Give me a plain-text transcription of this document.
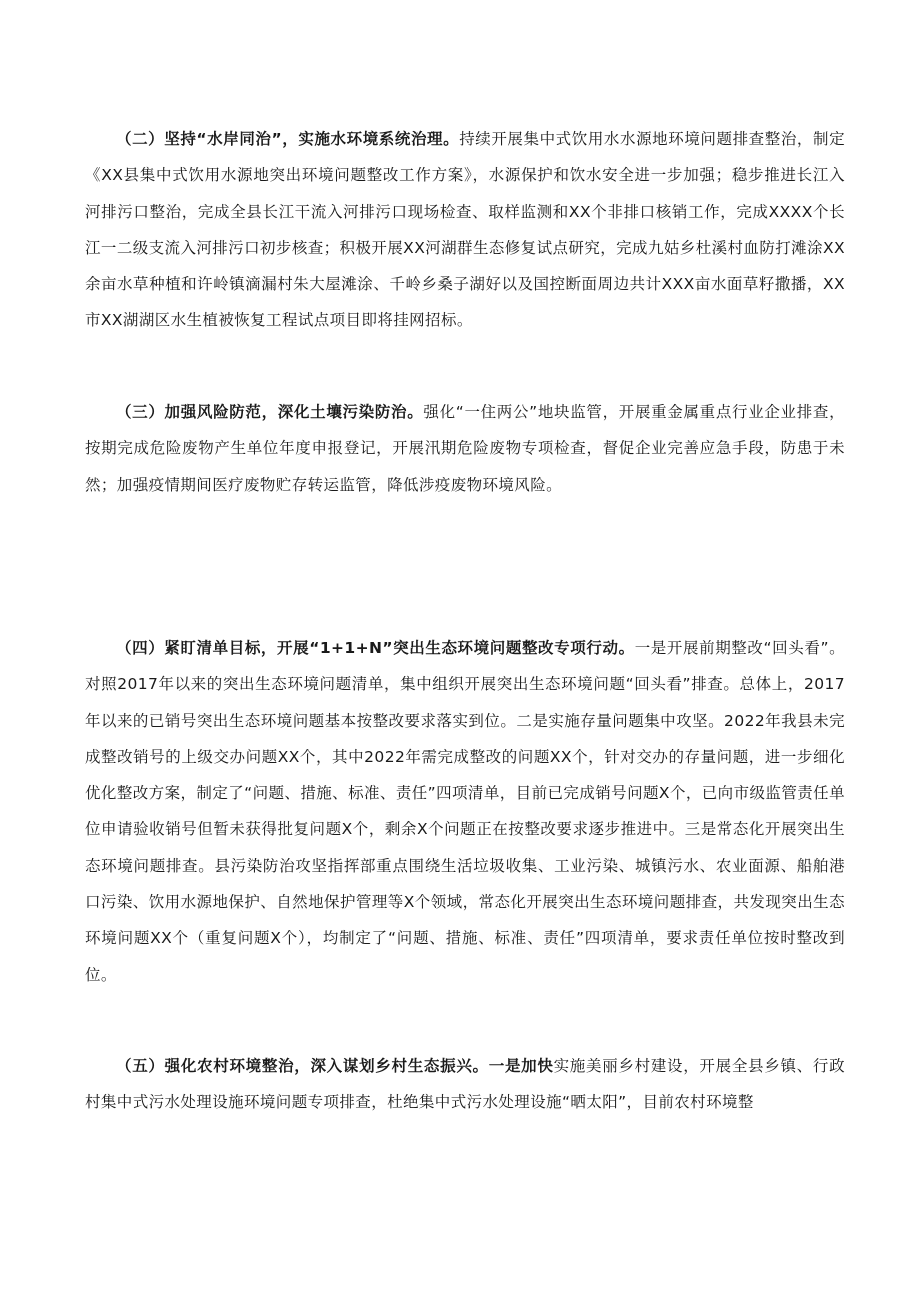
（二）坚持“水岸同治”，实施水环境系统治理。持续开展集中式饮用水水源地环境问题排查整治，制定《XX县集中式饮用水源地突出环境问题整改工作方案》，水源保护和饮水安全进一步加强；稳步推进长江入河排污口整治，完成全县长江干流入河排污口现场检查、取样监测和XX个非排口核销工作，完成XXXX个长江一二级支流入河排污口初步核查；积极开展XX河湖群生态修复试点研究，完成九姑乡杜溪村血防打滩涂XX余亩水草种植和许岭镇滴漏村朱大屋滩涂、千岭乡桑子湖好以及国控断面周边共计XXX亩水面草籽撒播，XX市XX湖湖区水生植被恢复工程试点项目即将挂网招标。

（三）加强风险防范，深化土壤污染防治。强化“一住两公”地块监管，开展重金属重点行业企业排查，按期完成危险废物产生单位年度申报登记，开展汛期危险废物专项检查，督促企业完善应急手段，防患于未然；加强疫情期间医疗废物贮存转运监管，降低涉疫废物环境风险。

（四）紧盯清单目标，开展“1+1+N”突出生态环境问题整改专项行动。一是开展前期整改“回头看”。对照2017年以来的突出生态环境问题清单，集中组织开展突出生态环境问题“回头看”排查。总体上，2017年以来的已销号突出生态环境问题基本按整改要求落实到位。二是实施存量问题集中攻坚。2022年我县未完成整改销号的上级交办问题XX个，其中2022年需完成整改的问题XX个，针对交办的存量问题，进一步细化优化整改方案，制定了“问题、措施、标准、责任”四项清单，目前已完成销号问题X个，已向市级监管责任单位申请验收销号但暂未获得批复问题X个，剩余X个问题正在按整改要求逐步推进中。三是常态化开展突出生态环境问题排查。县污染防治攻坚指挥部重点围绕生活垃圾收集、工业污染、城镇污水、农业面源、船舶港口污染、饮用水源地保护、自然地保护管理等X个领域，常态化开展突出生态环境问题排查，共发现突出生态环境问题XX个（重复问题X个），均制定了“问题、措施、标准、责任”四项清单，要求责任单位按时整改到位。

（五）强化农村环境整治，深入谋划乡村生态振兴。一是加快实施美丽乡村建设，开展全县乡镇、行政村集中式污水处理设施环境问题专项排查，杜绝集中式污水处理设施“晒太阳”，目前农村环境整
